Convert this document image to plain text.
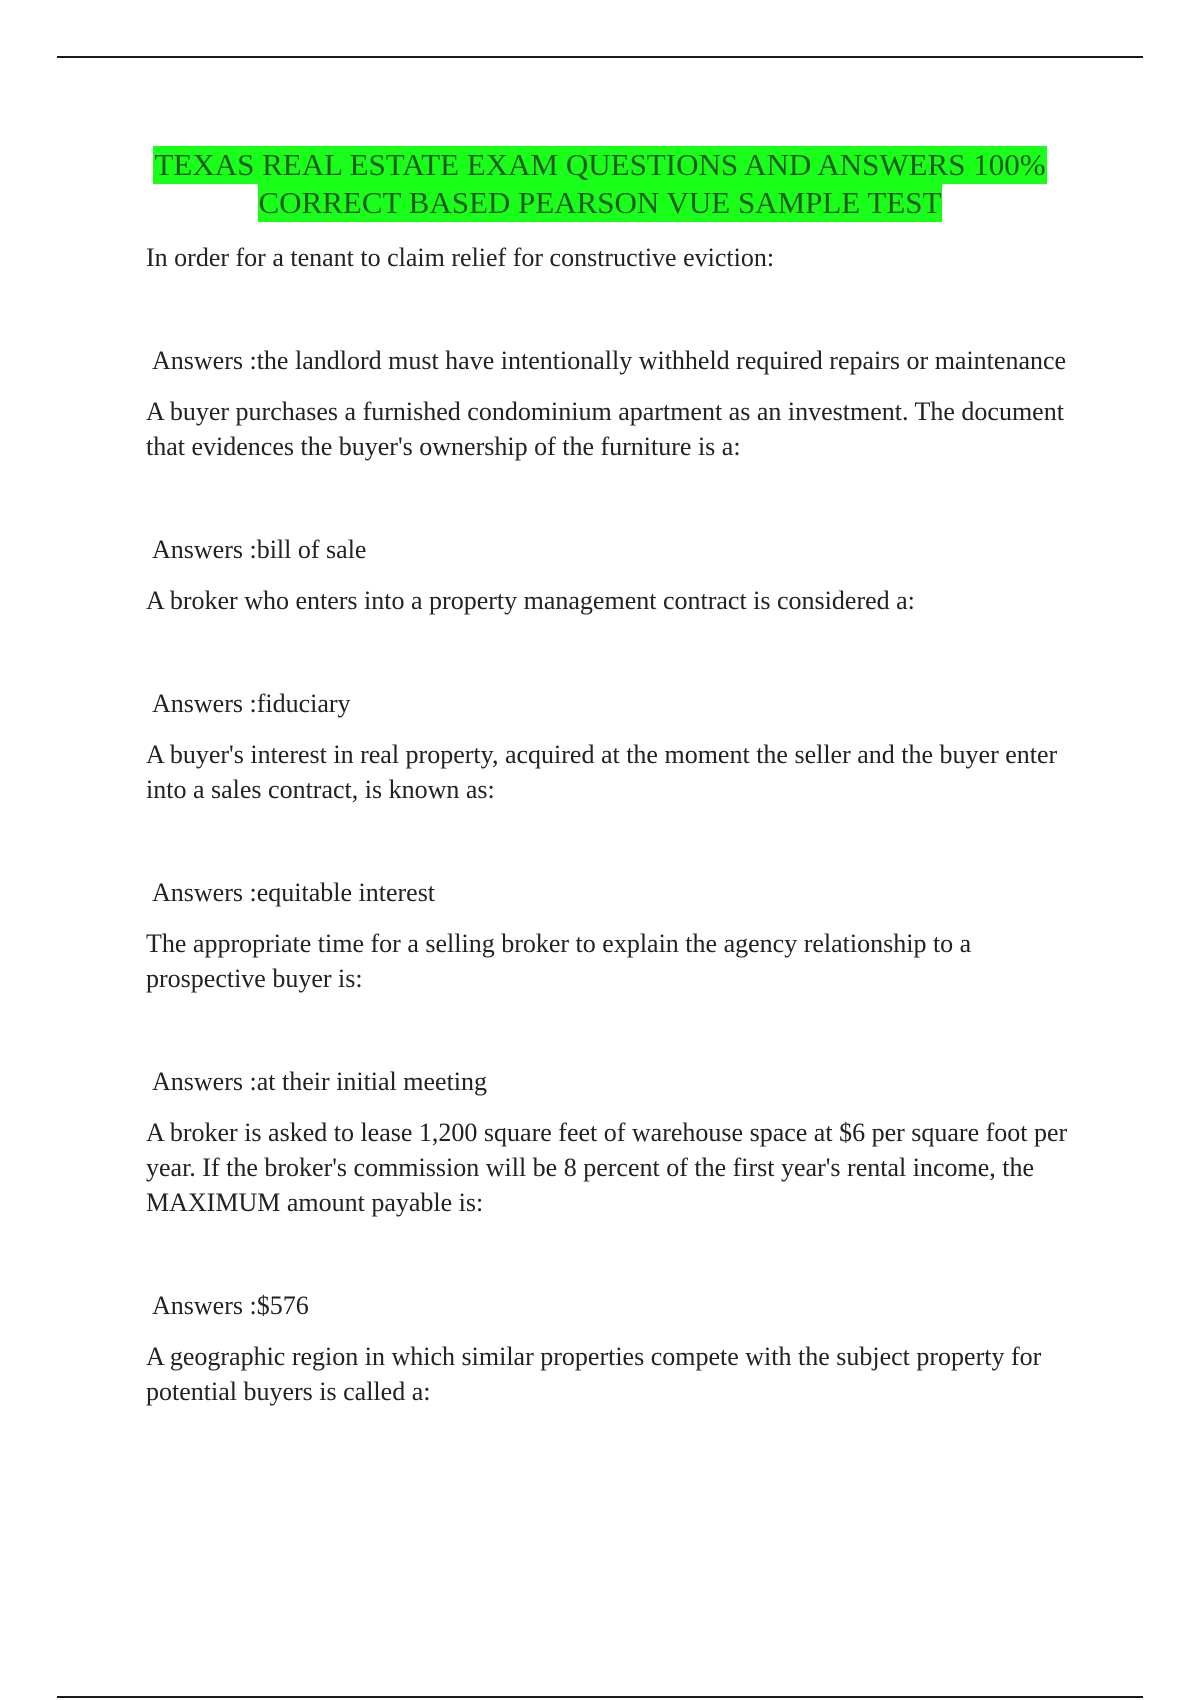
TEXAS REAL ESTATE EXAM QUESTIONS AND ANSWERS 100%
CORRECT BASED PEARSON VUE SAMPLE TEST

In order for a tenant to claim relief for constructive eviction:

Answers :the landlord must have intentionally withheld required repairs or maintenance

A buyer purchases a furnished condominium apartment as an investment. The document that evidences the buyer's ownership of the furniture is a:

Answers :bill of sale

A broker who enters into a property management contract is considered a:

Answers :fiduciary

A buyer's interest in real property, acquired at the moment the seller and the buyer enter into a sales contract, is known as:

Answers :equitable interest

The appropriate time for a selling broker to explain the agency relationship to a prospective buyer is:

Answers :at their initial meeting

A broker is asked to lease 1,200 square feet of warehouse space at $6 per square foot per year. If the broker's commission will be 8 percent of the first year's rental income, the MAXIMUM amount payable is:

Answers :$576

A geographic region in which similar properties compete with the subject property for potential buyers is called a:
